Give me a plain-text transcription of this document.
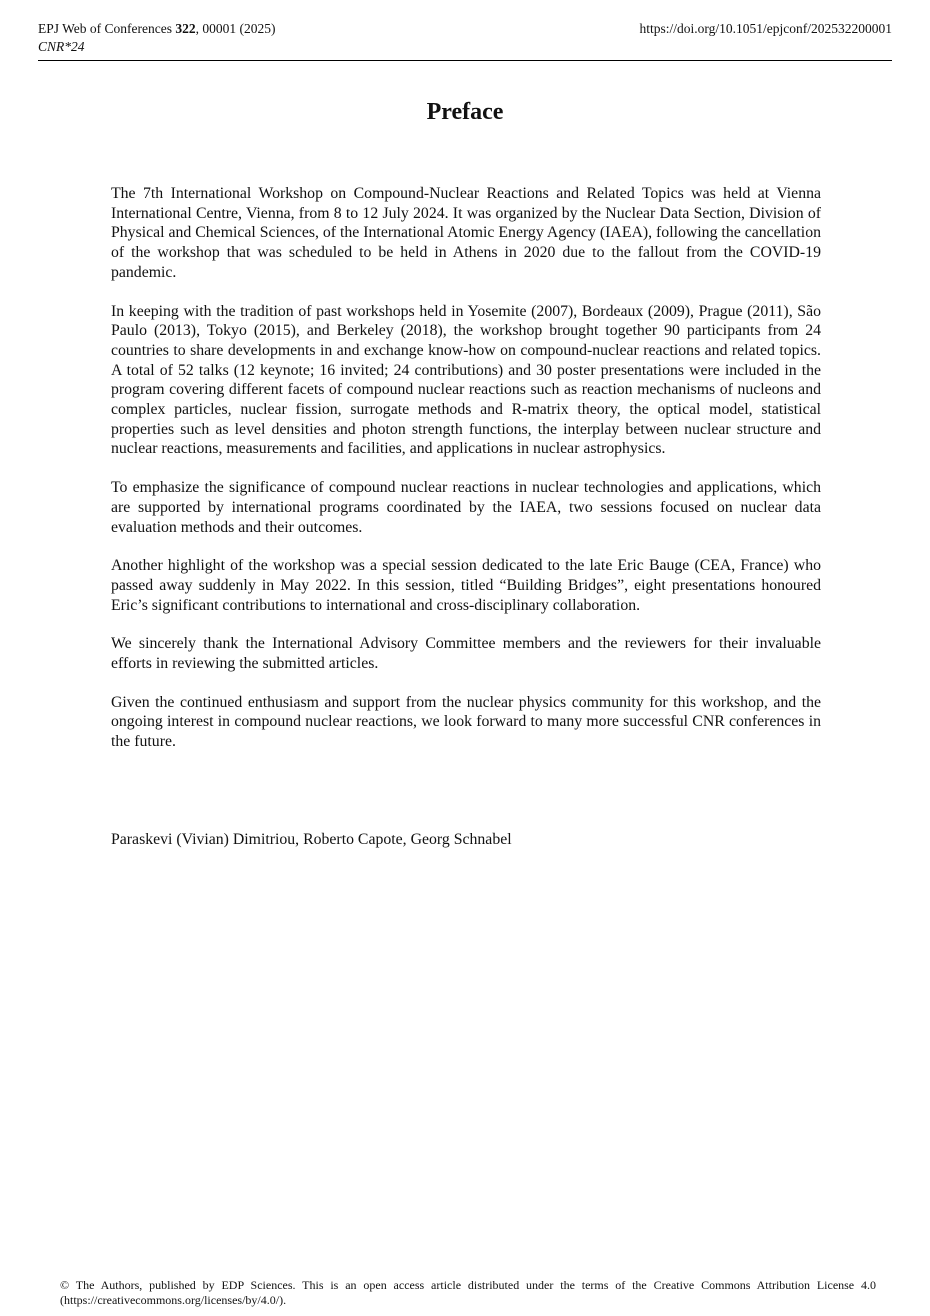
EPJ Web of Conferences 322, 00001 (2025)
CNR*24
https://doi.org/10.1051/epjconf/202532200001
Preface

The 7th International Workshop on Compound-Nuclear Reactions and Related Topics was held at Vienna International Centre, Vienna, from 8 to 12 July 2024. It was organized by the Nuclear Data Section, Division of Physical and Chemical Sciences, of the International Atomic Energy Agency (IAEA), following the cancellation of the workshop that was scheduled to be held in Athens in 2020 due to the fallout from the COVID-19 pandemic.

In keeping with the tradition of past workshops held in Yosemite (2007), Bordeaux (2009), Prague (2011), São Paulo (2013), Tokyo (2015), and Berkeley (2018), the workshop brought together 90 participants from 24 countries to share developments in and exchange know-how on compound-nuclear reactions and related topics. A total of 52 talks (12 keynote; 16 invited; 24 contributions) and 30 poster presentations were included in the program covering different facets of compound nuclear reactions such as reaction mechanisms of nucleons and complex particles, nuclear fission, surrogate methods and R-matrix theory, the optical model, statistical properties such as level densities and photon strength functions, the interplay between nuclear structure and nuclear reactions, measurements and facilities, and applications in nuclear astrophysics.

To emphasize the significance of compound nuclear reactions in nuclear technologies and applications, which are supported by international programs coordinated by the IAEA, two sessions focused on nuclear data evaluation methods and their outcomes.

Another highlight of the workshop was a special session dedicated to the late Eric Bauge (CEA, France) who passed away suddenly in May 2022. In this session, titled “Building Bridges”, eight presentations honoured Eric’s significant contributions to international and cross-disciplinary collaboration.

We sincerely thank the International Advisory Committee members and the reviewers for their invaluable efforts in reviewing the submitted articles.

Given the continued enthusiasm and support from the nuclear physics community for this workshop, and the ongoing interest in compound nuclear reactions, we look forward to many more successful CNR conferences in the future.

Paraskevi (Vivian) Dimitriou, Roberto Capote, Georg Schnabel
© The Authors, published by EDP Sciences. This is an open access article distributed under the terms of the Creative Commons Attribution License 4.0 (https://creativecommons.org/licenses/by/4.0/).
